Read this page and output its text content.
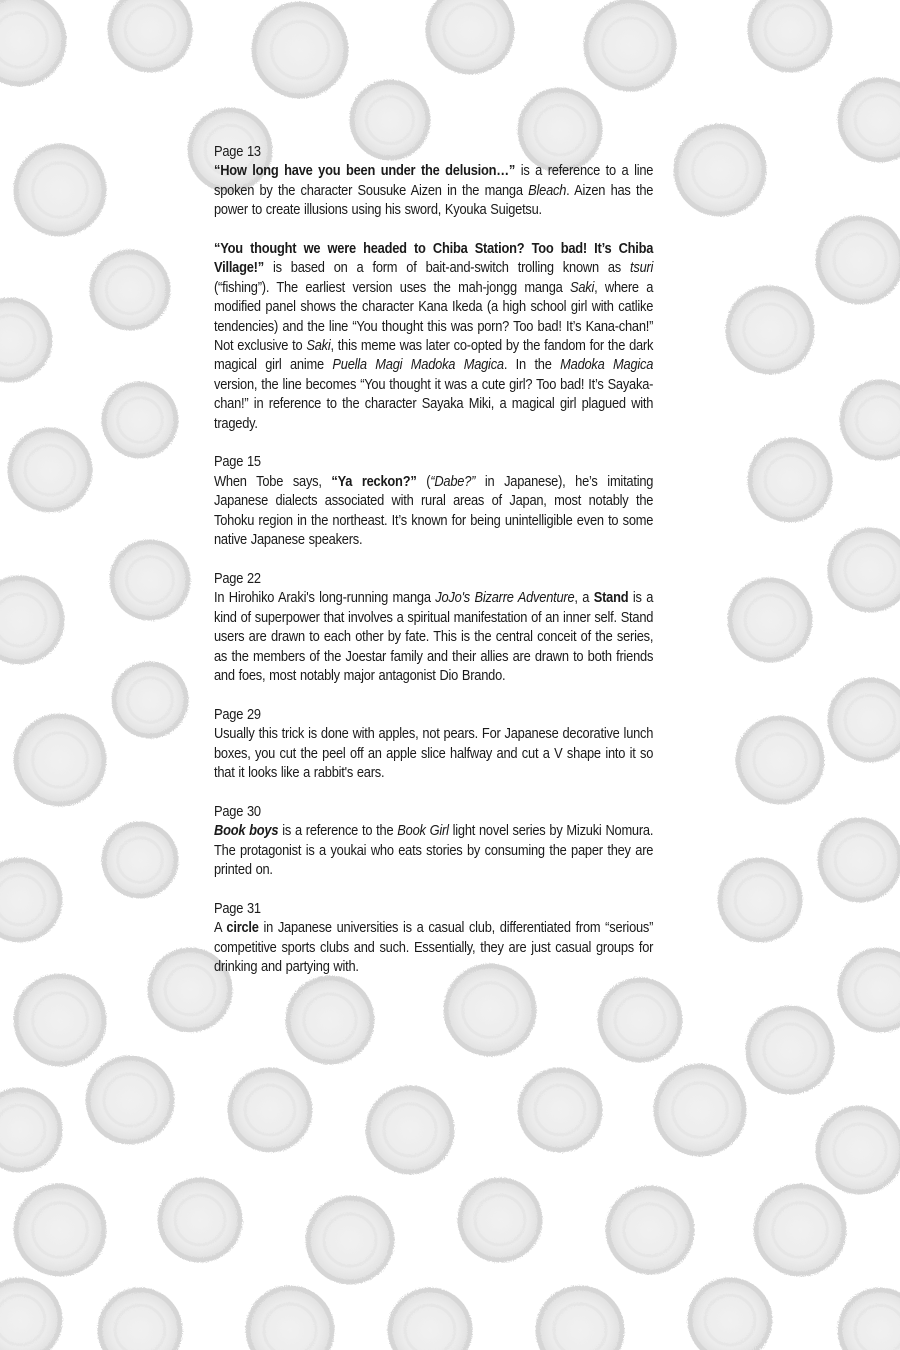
Page 13
“How long have you been under the delusion…” is a reference to a line spoken by the character Sousuke Aizen in the manga Bleach. Aizen has the power to create illusions using his sword, Kyouka Suigetsu.
“You thought we were headed to Chiba Station? Too bad! It’s Chiba Village!” is based on a form of bait-and-switch trolling known as tsuri (“fishing”). The earliest version uses the mah-jongg manga Saki, where a modified panel shows the character Kana Ikeda (a high school girl with catlike tendencies) and the line “You thought this was porn? Too bad! It’s Kana-chan!” Not exclusive to Saki, this meme was later co-opted by the fandom for the dark magical girl anime Puella Magi Madoka Magica. In the Madoka Magica version, the line becomes “You thought it was a cute girl? Too bad! It’s Sayaka-chan!” in reference to the character Sayaka Miki, a magical girl plagued with tragedy.
Page 15
When Tobe says, “Ya reckon?” (“Dabe?” in Japanese), he’s imitating Japanese dialects associated with rural areas of Japan, most notably the Tohoku region in the northeast. It’s known for being unintelligible even to some native Japanese speakers.
Page 22
In Hirohiko Araki's long-running manga JoJo's Bizarre Adventure, a Stand is a kind of superpower that involves a spiritual manifestation of an inner self. Stand users are drawn to each other by fate. This is the central conceit of the series, as the members of the Joestar family and their allies are drawn to both friends and foes, most notably major antagonist Dio Brando.
Page 29
Usually this trick is done with apples, not pears. For Japanese decorative lunch boxes, you cut the peel off an apple slice halfway and cut a V shape into it so that it looks like a rabbit's ears.
Page 30
Book boys is a reference to the Book Girl light novel series by Mizuki Nomura. The protagonist is a youkai who eats stories by consuming the paper they are printed on.
Page 31
A circle in Japanese universities is a casual club, differentiated from “serious” competitive sports clubs and such. Essentially, they are just casual groups for drinking and partying with.
